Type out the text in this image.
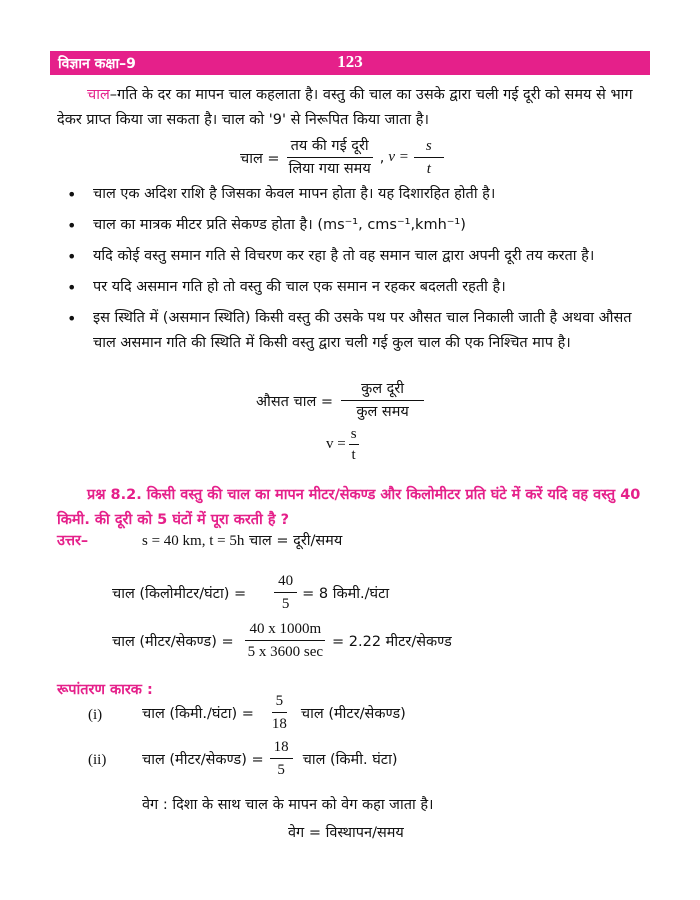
विज्ञान कक्षा–9	123

चाल–गति के दर का मापन चाल कहलाता है। वस्तु की चाल का उसके द्वारा चली गई दूरी को समय से भाग देकर प्राप्त किया जा सकता है। चाल को '9' से निरूपित किया जाता है।

चाल = $\frac{\text{तय की गई दूरी}}{\text{लिया गया समय}}$ , $v = \frac{s}{t}$
• चाल एक अदिश राशि है जिसका केवल मापन होता है। यह दिशारहित होती है।
• चाल का मात्रक मीटर प्रति सेकण्ड होता है। (ms⁻¹, cms⁻¹,kmh⁻¹)
• यदि कोई वस्तु समान गति से विचरण कर रहा है तो वह समान चाल द्वारा अपनी दूरी तय करता है।
• पर यदि असमान गति हो तो वस्तु की चाल एक समान न रहकर बदलती रहती है।
• इस स्थिति में (असमान स्थिति) किसी वस्तु की उसके पथ पर औसत चाल निकाली जाती है अथवा औसत चाल असमान गति की स्थिति में किसी वस्तु द्वारा चली गई कुल चाल की एक निश्चित माप है।
औसत चाल = $\frac{\text{कुल दूरी}}{\text{कुल समय}}$
$v = \frac{s}{t}$

प्रश्न 8.2. किसी वस्तु की चाल का मापन मीटर/सेकण्ड और किलोमीटर प्रति घंटे में करें यदि वह वस्तु 40 किमी. की दूरी को 5 घंटों में पूरा करती है ?

उत्तर–	s = 40 km, t = 5h चाल = दूरी/समय
चाल (किलोमीटर/घंटा) = $\frac{40}{5} = 8$ किमी./घंटा
चाल (मीटर/सेकण्ड) = $\frac{40 x 1000m}{5 x 3600 \sec} = 2.22$ मीटर/सेकण्ड
रूपांतरण कारक :
(i)	चाल (किमी./घंटा) = $\frac{5}{18}$ चाल (मीटर/सेकण्ड)
(ii) चाल (मीटर/सेकण्ड) = $\frac{18}{5}$ चाल (किमी. घंटा)
वेग : दिशा के साथ चाल के मापन को वेग कहा जाता है।
वेग = विस्थापन/समय
